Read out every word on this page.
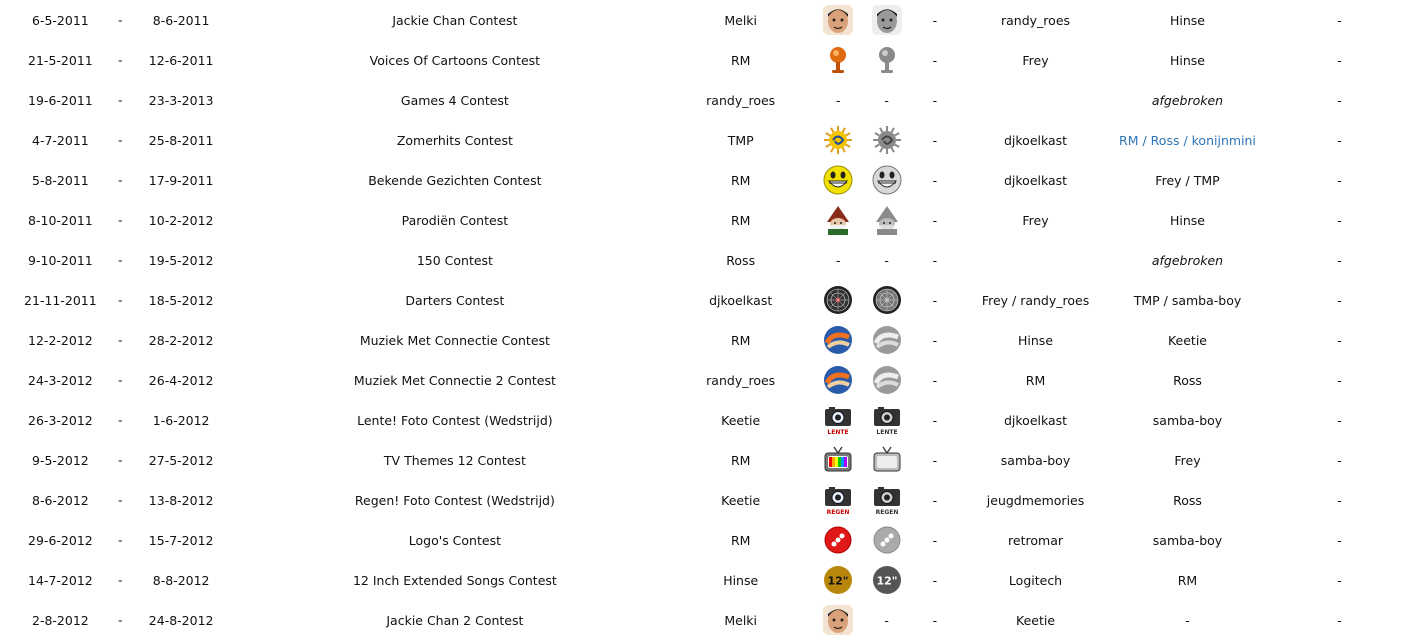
6-5-2011 -		8-6-2011	Jackie Chan Contest	Melki			-	randy_roes	Hinse	-
21-5-2011 -		12-6-2011	Voices Of Cartoons Contest	RM			-	Frey	Hinse	-
19-6-2011 -		23-3-2013	Games 4 Contest	randy_roes	-	-	-		afgebroken	-
4-7-2011 -		25-8-2011	Zomerhits Contest	TMP			-	djkoelkast	RM / Ross / konijnmini	-
5-8-2011 -		17-9-2011	Bekende Gezichten Contest	RM			-	djkoelkast	Frey / TMP	-
8-10-2011 -		10-2-2012	Parodiën Contest	RM			-	Frey	Hinse	-
9-10-2011 -		19-5-2012	150 Contest	Ross	-	-	-		afgebroken	-
21-11-2011 -		18-5-2012	Darters Contest	djkoelkast			-	Frey / randy_roes	TMP / samba-boy	-
12-2-2012 -		28-2-2012	Muziek Met Connectie Contest	RM			-	Hinse	Keetie	-
24-3-2012 -		26-4-2012	Muziek Met Connectie 2 Contest	randy_roes			-	RM	Ross	-
26-3-2012 -		1-6-2012	Lente! Foto Contest (Wedstrijd)	Keetie	LENTE	LENTE	-	djkoelkast	samba-boy	-
9-5-2012 -		27-5-2012	TV Themes 12 Contest	RM			-	samba-boy	Frey	-
8-6-2012 -		13-8-2012	Regen! Foto Contest (Wedstrijd)	Keetie	REGEN	REGEN	-	jeugdmemories	Ross	-
29-6-2012 -		15-7-2012	Logo's Contest	RM			-	retromar	samba-boy	-
14-7-2012 -		8-8-2012	12 Inch Extended Songs Contest	Hinse	12"	12"	-	Logitech	RM	-
2-8-2012 -		24-8-2012	Jackie Chan 2 Contest	Melki		-	-	Keetie	-	-
